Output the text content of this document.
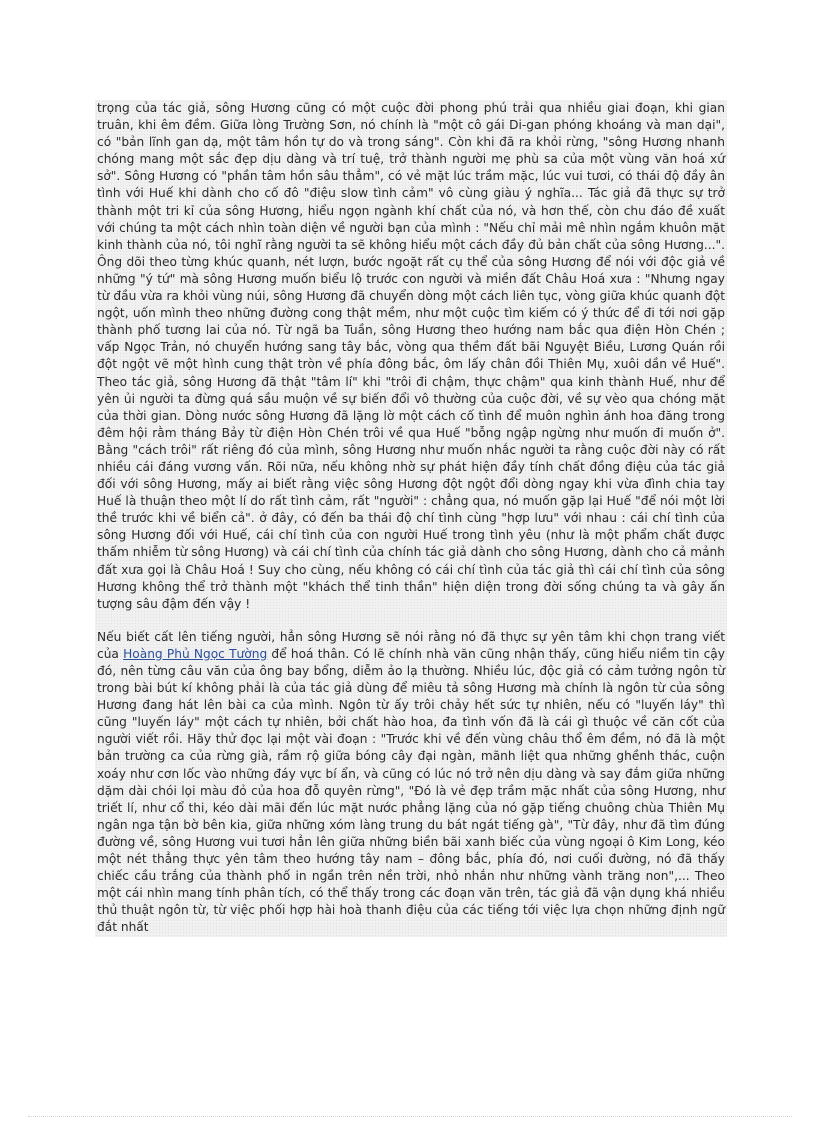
trọng của tác giả, sông Hương cũng có một cuộc đời phong phú trải qua nhiều giai đoạn, khi gian truân, khi êm đềm. Giữa lòng Trường Sơn, nó chính là "một cô gái Di-gan phóng khoáng và man dại", có "bản lĩnh gan dạ, một tâm hồn tự do và trong sáng". Còn khi đã ra khỏi rừng, "sông Hương nhanh chóng mang một sắc đẹp dịu dàng và trí tuệ, trở thành người mẹ phù sa của một vùng văn hoá xứ sở". Sông Hương có "phần tâm hồn sâu thẳm", có vẻ mặt lúc trầm mặc, lúc vui tươi, có thái độ đầy ân tình với Huế khi dành cho cố đô "điệu slow tình cảm" vô cùng giàu ý nghĩa... Tác giả đã thực sự trở thành một tri kỉ của sông Hương, hiểu ngọn ngành khí chất của nó, và hơn thế, còn chu đáo đề xuất với chúng ta một cách nhìn toàn diện về người bạn của mình : "Nếu chỉ mải mê nhìn ngắm khuôn mặt kinh thành của nó, tôi nghĩ rằng người ta sẽ không hiểu một cách đầy đủ bản chất của sông Hương...". Ông dõi theo từng khúc quanh, nét lượn, bước ngoặt rất cụ thể của sông Hương để nói với độc giả về những "ý tứ" mà sông Hương muốn biểu lộ trước con người và miền đất Châu Hoá xưa : "Nhưng ngay từ đầu vừa ra khỏi vùng núi, sông Hương đã chuyển dòng một cách liên tục, vòng giữa khúc quanh đột ngột, uốn mình theo những đường cong thật mềm, như một cuộc tìm kiếm có ý thức để đi tới nơi gặp thành phố tương lai của nó. Từ ngã ba Tuần, sông Hương theo hướng nam bắc qua điện Hòn Chén ; vấp Ngọc Trản, nó chuyển hướng sang tây bắc, vòng qua thềm đất bãi Nguyệt Biều, Lương Quán rồi đột ngột vẽ một hình cung thật tròn về phía đông bắc, ôm lấy chân đồi Thiên Mụ, xuôi dần về Huế". Theo tác giả, sông Hương đã thật "tâm lí" khi "trôi đi chậm, thực chậm" qua kinh thành Huế, như để yên ủi người ta đừng quá sầu muộn về sự biến đổi vô thường của cuộc đời, về sự vèo qua chóng mặt của thời gian. Dòng nước sông Hương đã lặng lờ một cách cố tình để muôn nghìn ánh hoa đăng trong đêm hội rằm tháng Bảy từ điện Hòn Chén trôi về qua Huế "bỗng ngập ngừng như muốn đi muốn ở". Bằng "cách trôi" rất riêng đó của mình, sông Hương như muốn nhắc người ta rằng cuộc đời này có rất nhiều cái đáng vương vấn. Rõi nữa, nếu không nhờ sự phát hiện đầy tính chất đồng điệu của tác giả đối với sông Hương, mấy ai biết rằng việc sông Hương đột ngột đổi dòng ngay khi vừa đình chia tay Huế là thuận theo một lí do rất tình cảm, rất "người" : chẳng qua, nó muốn gặp lại Huế "để nói một lời thề trước khi về biển cả". ở đây, có đến ba thái độ chí tình cùng "hợp lưu" với nhau : cái chí tình của sông Hương đối với Huế, cái chí tình của con người Huế trong tình yêu (như là một phẩm chất được thấm nhiễm từ sông Hương) và cái chí tình của chính tác giả dành cho sông Hương, dành cho cả mảnh đất xưa gọi là Châu Hoá ! Suy cho cùng, nếu không có cái chí tình của tác giả thì cái chí tình của sông Hương không thể trở thành một "khách thể tinh thần" hiện diện trong đời sống chúng ta và gây ấn tượng sâu đậm đến vậy !

Nếu biết cất lên tiếng người, hẳn sông Hương sẽ nói rằng nó đã thực sự yên tâm khi chọn trang viết của Hoàng Phủ Ngọc Tường để hoá thân. Có lẽ chính nhà văn cũng nhận thấy, cũng hiểu niềm tin cậy đó, nên từng câu văn của ông bay bổng, diễm ảo lạ thường. Nhiều lúc, độc giả có cảm tưởng ngôn từ trong bài bút kí không phải là của tác giả dùng để miêu tả sông Hương mà chính là ngôn từ của sông Hương đang hát lên bài ca của mình. Ngôn từ ấy trôi chảy hết sức tự nhiên, nếu có "luyến láy" thì cũng "luyến láy" một cách tự nhiên, bởi chất hào hoa, đa tình vốn đã là cái gì thuộc về căn cốt của người viết rồi. Hãy thử đọc lại một vài đoạn : "Trước khi về đến vùng châu thổ êm đềm, nó đã là một bản trường ca của rừng già, rầm rộ giữa bóng cây đại ngàn, mãnh liệt qua những ghềnh thác, cuộn xoáy như cơn lốc vào những đáy vực bí ẩn, và cũng có lúc nó trở nên dịu dàng và say đắm giữa những dặm dài chói lọi màu đỏ của hoa đỗ quyên rừng", "Đó là vẻ đẹp trầm mặc nhất của sông Hương, như triết lí, như cổ thi, kéo dài mãi đến lúc mặt nước phẳng lặng của nó gặp tiếng chuông chùa Thiên Mụ ngân nga tận bờ bên kia, giữa những xóm làng trung du bát ngát tiếng gà", "Từ đây, như đã tìm đúng đường về, sông Hương vui tươi hẳn lên giữa những biền bãi xanh biếc của vùng ngoại ô Kim Long, kéo một nét thẳng thực yên tâm theo hướng tây nam – đông bắc, phía đó, nơi cuối đường, nó đã thấy chiếc cầu trắng của thành phố in ngần trên nền trời, nhỏ nhắn như những vành trăng non",... Theo một cái nhìn mang tính phân tích, có thể thấy trong các đoạn văn trên, tác giả đã vận dụng khá nhiều thủ thuật ngôn từ, từ việc phối hợp hài hoà thanh điệu của các tiếng tới việc lựa chọn những định ngữ đắt nhất
